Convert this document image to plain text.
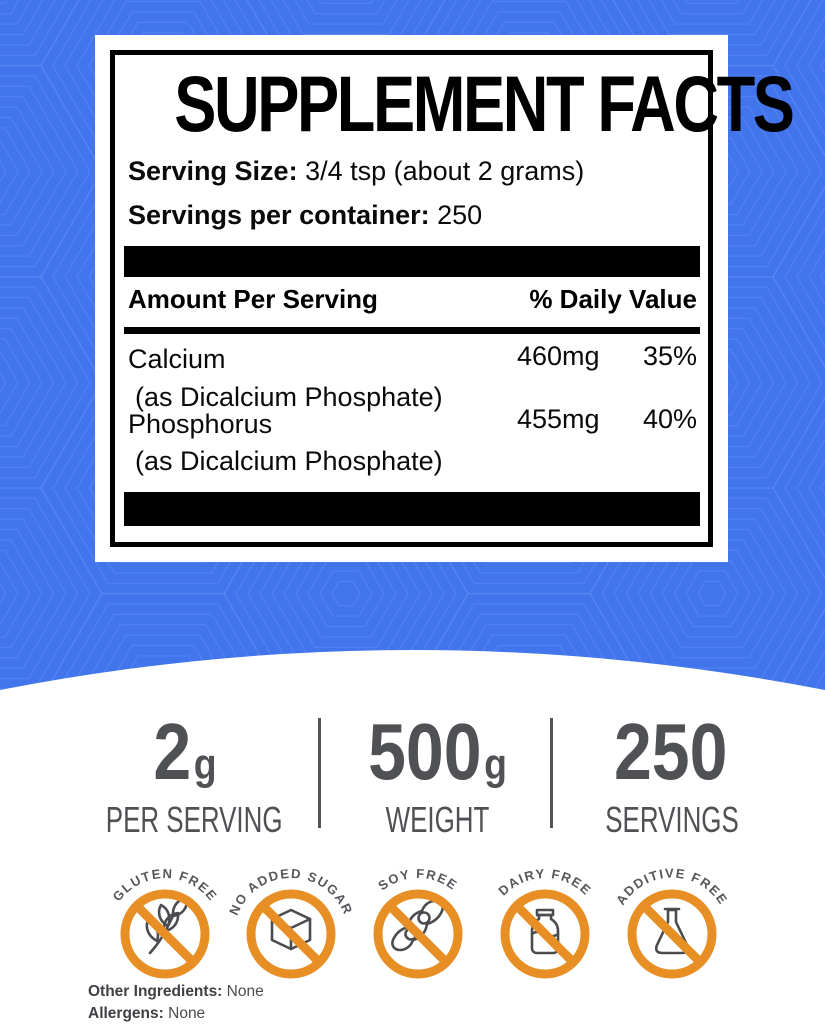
SUPPLEMENT FACTS
Serving Size: 3/4 tsp (about 2 grams)
Servings per container: 250
Amount Per Serving	% Daily Value
Calcium	460mg 35%
(as Dicalcium Phosphate)
Phosphorus	455mg 40%
(as Dicalcium Phosphate)
2g
PER SERVING
500g
WEIGHT
250
SERVINGS
GLUTEN FREE
NO ADDED SUGAR
SOY FREE	DAIRY FREE
ADDITIVE FREE
Other Ingredients: None
Allergens: None
